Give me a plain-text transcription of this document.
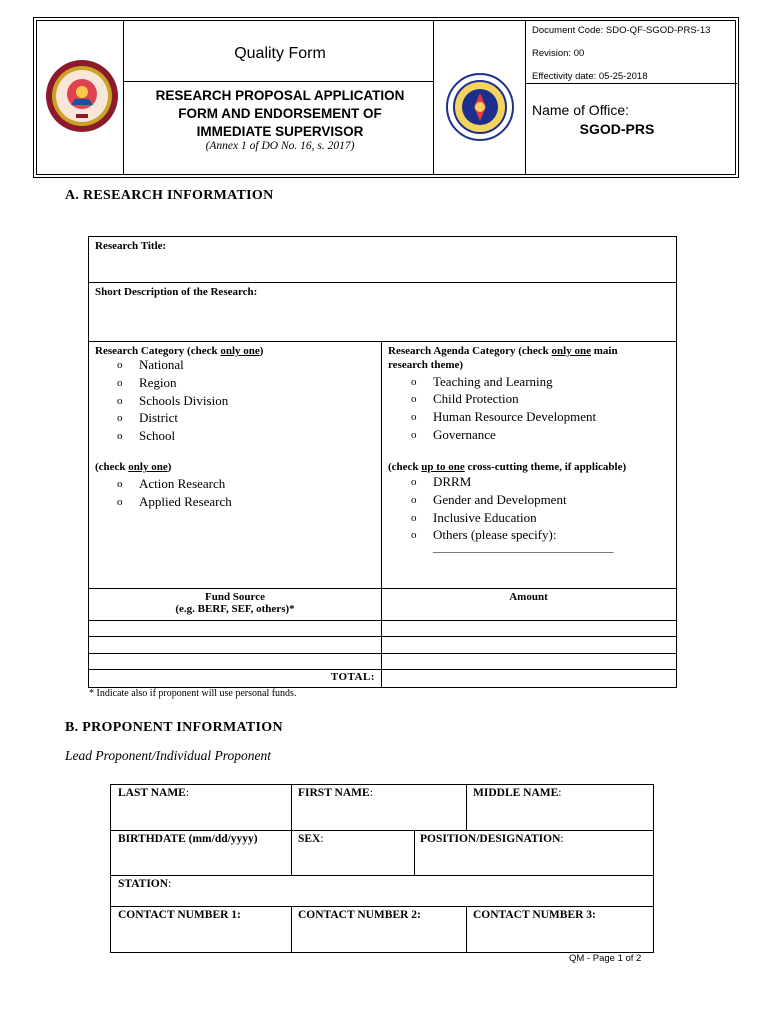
Quality Form
RESEARCH PROPOSAL APPLICATION
FORM AND ENDORSEMENT OF
IMMEDIATE SUPERVISOR
(Annex 1 of DO No. 16, s. 2017)
Document Code: SDO-QF-SGOD-PRS-13
Revision: 00
Effectivity date: 05-25-2018
Name of Office:
SGOD-PRS
A. RESEARCH INFORMATION
Research Title:
Short Description of the Research:
Research Category (check only one)
o National
o Region
o Schools Division
o District
o School
(check only one)
o Action Research
o Applied Research
Research Agenda Category (check only one main
research theme)
o Teaching and Learning
o Child Protection
o Human Resource Development
o Governance
(check up to one cross-cutting theme, if applicable)
o DRRM
o Gender and Development
o Inclusive Education
o Others (please specify):
____________________________________
Fund Source
(e.g. BERF, SEF, others)*
Amount
TOTAL:
* Indicate also if proponent will use personal funds.
B. PROPONENT INFORMATION
Lead Proponent/Individual Proponent
LAST NAME:	FIRST NAME:	MIDDLE NAME:
BIRTHDATE (mm/dd/yyyy)	SEX:	POSITION/DESIGNATION:
STATION:
CONTACT NUMBER 1:	CONTACT NUMBER 2:	CONTACT NUMBER 3:
QM - Page 1 of 2
